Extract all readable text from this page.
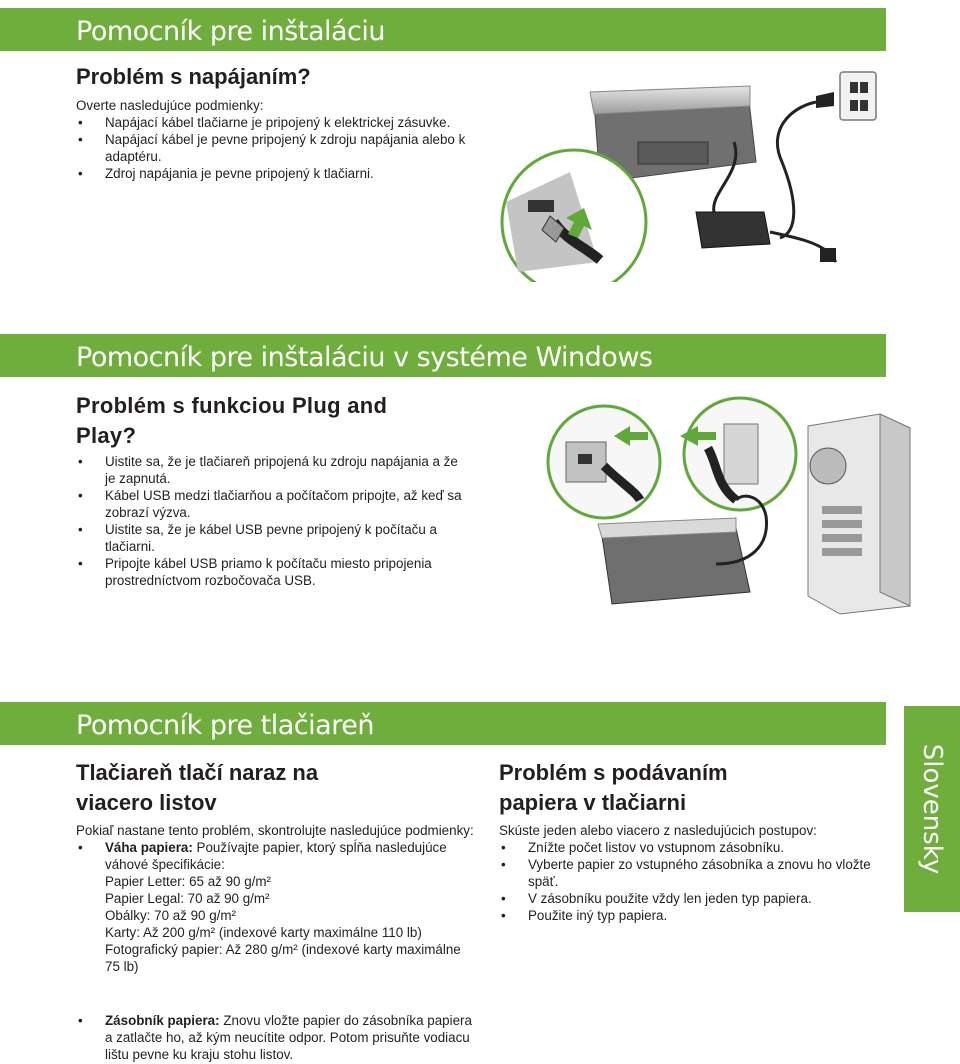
Pomocník pre inštaláciu
Problém s napájaním?

Overte nasledujúce podmienky:

• Napájací kábel tlačiarne je pripojený k elektrickej zásuvke.
• Napájací kábel je pevne pripojený k zdroju napájania alebo k adaptéru.
• Zdroj napájania je pevne pripojený k tlačiarni.
Pomocník pre inštaláciu v systéme Windows
Problém s funkciou Plug and
Play?
• Uistite sa, že je tlačiareň pripojená ku zdroju napájania a že je zapnutá.
• Kábel USB medzi tlačiarňou a počítačom pripojte, až keď sa zobrazí výzva.
• Uistite sa, že je kábel USB pevne pripojený k počítaču a tlačiarni.
• Pripojte kábel USB priamo k počítaču miesto pripojenia prostredníctvom rozbočovača USB.
Pomocník pre tlačiareň
Slovensky
Tlačiareň tlačí naraz na
viacero listov

Pokiaľ nastane tento problém, skontrolujte nasledujúce podmienky:

• Váha papiera: Používajte papier, ktorý spĺňa nasledujúce váhové špecifikácie:
Papier Letter: 65 až 90 g/m²
Papier Legal: 70 až 90 g/m²
Obálky: 70 až 90 g/m²
Karty: Až 200 g/m² (indexové karty maximálne 110 lb)
Fotografický papier: Až 280 g/m² (indexové karty maximálne 75 lb)
• Zásobník papiera: Znovu vložte papier do zásobníka papiera a zatlačte ho, až kým neucítite odpor. Potom prisuňte vodiacu lištu pevne ku kraju stohu listov.
Problém s podávaním
papiera v tlačiarni

Skúste jeden alebo viacero z nasledujúcich postupov:

• Znížte počet listov vo vstupnom zásobníku.
• Vyberte papier zo vstupného zásobníka a znovu ho vložte späť.
• V zásobníku použite vždy len jeden typ papiera.
• Použite iný typ papiera.
